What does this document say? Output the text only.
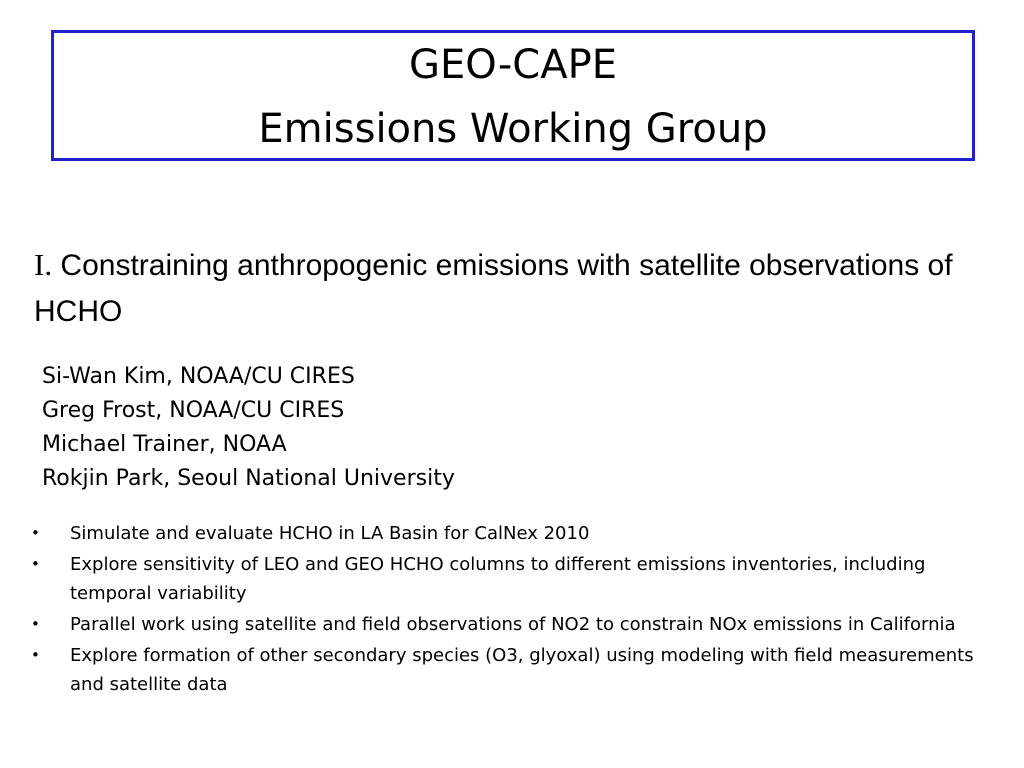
GEO-CAPE
Emissions Working Group
I. Constraining anthropogenic emissions with satellite observations of HCHO
Si-Wan Kim, NOAA/CU CIRES
Greg Frost, NOAA/CU CIRES
Michael Trainer, NOAA
Rokjin Park, Seoul National University
• Simulate and evaluate HCHO in LA Basin for CalNex 2010
• Explore sensitivity of LEO and GEO HCHO columns to different emissions inventories, including temporal variability
• Parallel work using satellite and field observations of NO2 to constrain NOx emissions in California
• Explore formation of other secondary species (O3, glyoxal) using modeling with field measurements and satellite data
